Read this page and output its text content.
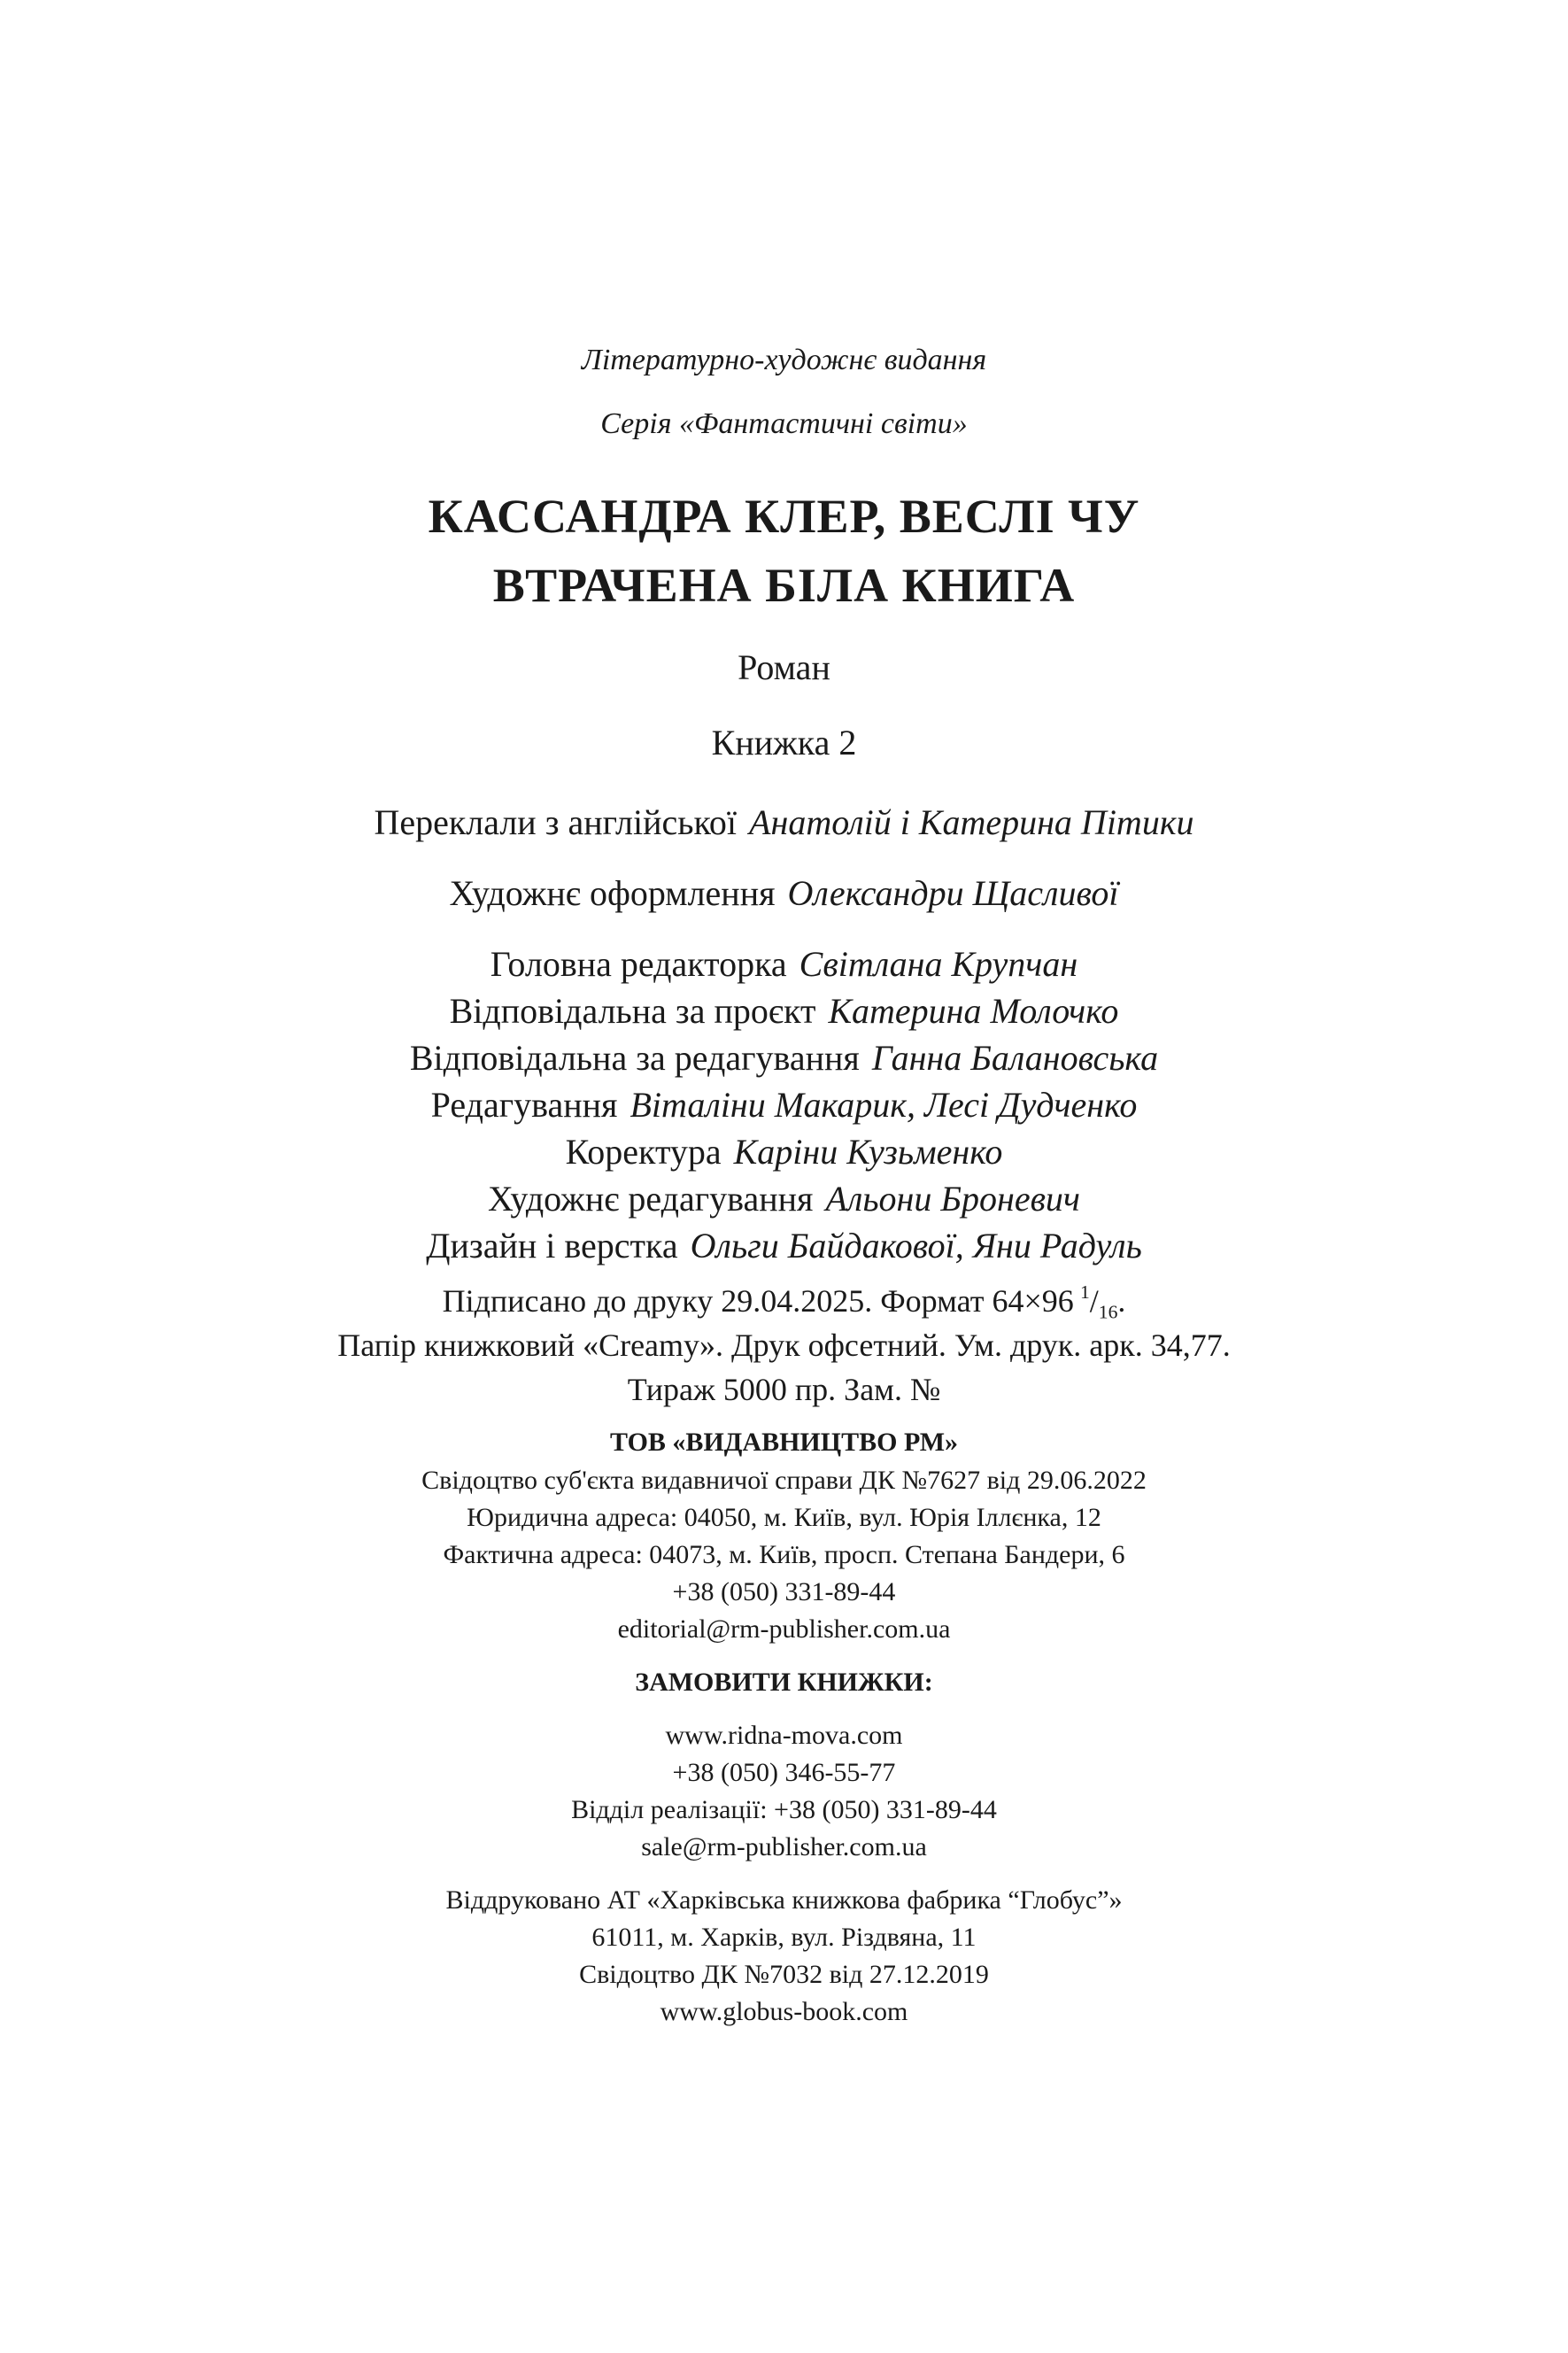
Літературно-художнє видання
Серія «Фантастичні світи»
КАССАНДРА КЛЕР, ВЕСЛІ ЧУ
ВТРАЧЕНА БІЛА КНИГА
Роман
Книжка 2
Переклали з англійської Анатолій і Катерина Пітики
Художнє оформлення Олександри Щасливої
Головна редакторка Світлана Крупчан
Відповідальна за проєкт Катерина Молочко
Відповідальна за редагування Ганна Балановська
Редагування Віталіни Макарик, Лесі Дудченко
Коректура Каріни Кузьменко
Художнє редагування Альони Броневич
Дизайн і верстка Ольги Байдакової, Яни Радуль
Підписано до друку 29.04.2025. Формат 64×96  $^1/_{16}$.
Папір книжковий «Creamy». Друк офсетний. Ум. друк. арк. 34,77.
Тираж 5000 пр. Зам. №
ТОВ «ВИДАВНИЦТВО РМ»
Свідоцтво суб'єкта видавничої справи ДК №7627 від 29.06.2022
Юридична адреса: 04050, м. Київ, вул. Юрія Іллєнка, 12
Фактична адреса: 04073, м. Київ, просп. Степана Бандери, 6
+38 (050) 331-89-44
editorial@rm-publisher.com.ua
ЗАМОВИТИ КНИЖКИ:
www.ridna-mova.com
+38 (050) 346-55-77
Відділ реалізації: +38 (050) 331-89-44
sale@rm-publisher.com.ua
Віддруковано АТ «Харківська книжкова фабрика “Глобус”»
61011, м. Харків, вул. Різдвяна, 11
Свідоцтво ДК №7032 від 27.12.2019
www.globus-book.com
